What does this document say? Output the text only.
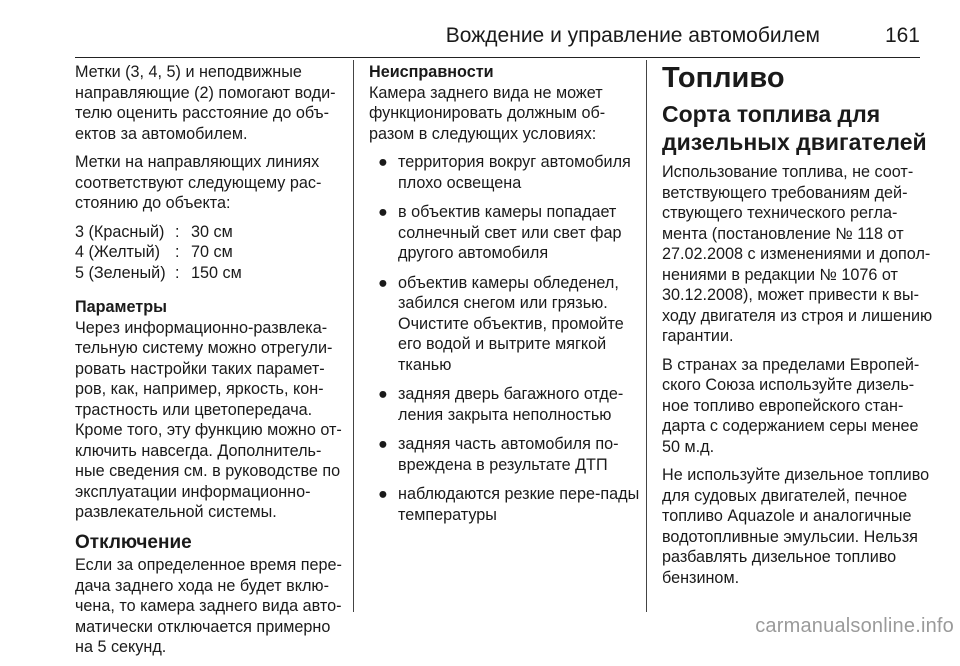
Вождение и управление автомобилем	161

Метки (3, 4, 5) и неподвижные направляющие (2) помогают води-телю оценить расстояние до объ-ектов за автомобилем.

Метки на направляющих линиях соответствуют следующему рас-стоянию до объекта:

3 (Красный) : 30 см
4 (Желтый) : 70 см
5 (Зеленый) : 150 см
Параметры

Через информационно-развлека-тельную систему можно отрегули-ровать настройки таких парамет-ров, как, например, яркость, кон-трастность или цветопередача. Кроме того, эту функцию можно от-ключить навсегда. Дополнитель-ные сведения см. в руководстве по эксплуатации информационно-развлекательной системы.

Отключение

Если за определенное время пере-дача заднего хода не будет вклю-чена, то камера заднего вида авто-матически отключается примерно на 5 секунд.

Неисправности

Камера заднего вида не может функционировать должным об-разом в следующих условиях:

● территория вокруг автомобиля плохо освещена
● в объектив камеры попадает солнечный свет или свет фар другого автомобиля
● объектив камеры обледенел, забился снегом или грязью. Очистите объектив, промойте его водой и вытрите мягкой тканью
● задняя дверь багажного отде-ления закрыта неполностью
● задняя часть автомобиля по-вреждена в результате ДТП
● наблюдаются резкие пере-пады температуры
Топливо
Сорта топлива для дизельных двигателей

Использование топлива, не соот-ветствующего требованиям дей-ствующего технического регла-мента (постановление № 118 от 27.02.2008 с изменениями и допол-нениями в редакции № 1076 от 30.12.2008), может привести к вы-ходу двигателя из строя и лишению гарантии.

В странах за пределами Европей-ского Союза используйте дизель-ное топливо европейского стан-дарта с содержанием серы менее 50 м.д.

Не используйте дизельное топливо для судовых двигателей, печное топливо Aquazole и аналогичные водотопливные эмульсии. Нельзя разбавлять дизельное топливо бензином.

carmanualsonline.info
